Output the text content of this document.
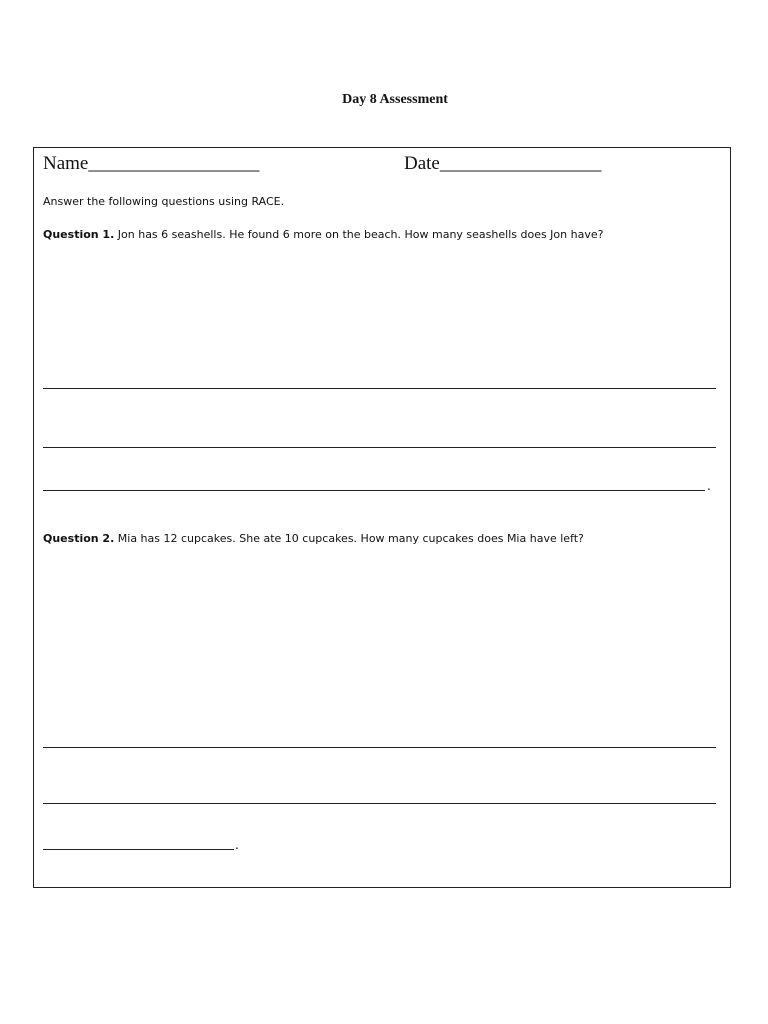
Day 8 Assessment
Name__________________	Date_________________
Answer the following questions using RACE.
Question 1. Jon has 6 seashells. He found 6 more on the beach. How many seashells does Jon have?
.
Question 2. Mia has 12 cupcakes. She ate 10 cupcakes. How many cupcakes does Mia have left?
.
